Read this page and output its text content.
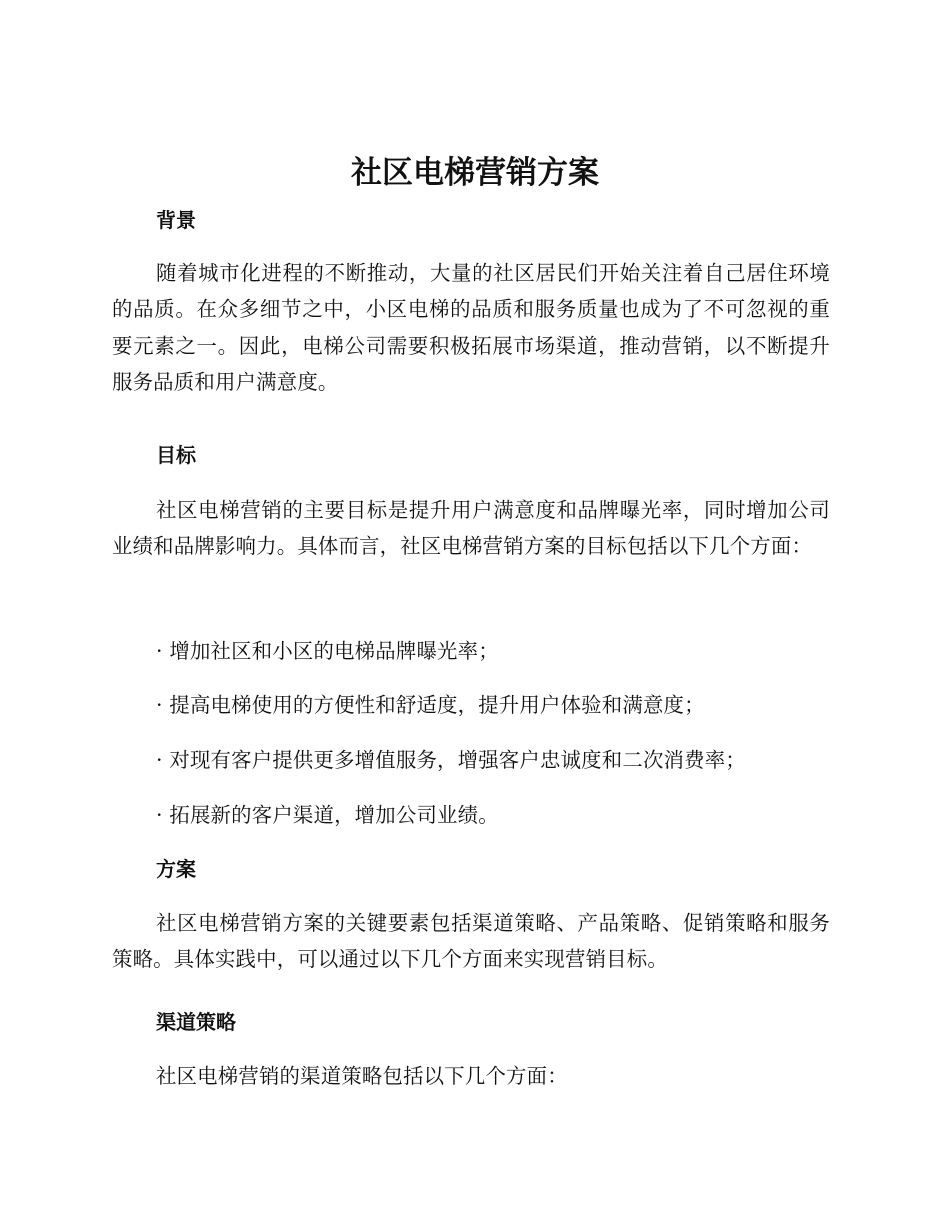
社区电梯营销方案
背景

随着城市化进程的不断推动，大量的社区居民们开始关注着自己居住环境的品质。在众多细节之中，小区电梯的品质和服务质量也成为了不可忽视的重要元素之一。因此，电梯公司需要积极拓展市场渠道，推动营销，以不断提升服务品质和用户满意度。

目标

社区电梯营销的主要目标是提升用户满意度和品牌曝光率，同时增加公司业绩和品牌影响力。具体而言，社区电梯营销方案的目标包括以下几个方面：

· 增加社区和小区的电梯品牌曝光率；

· 提高电梯使用的方便性和舒适度，提升用户体验和满意度；

· 对现有客户提供更多增值服务，增强客户忠诚度和二次消费率；

· 拓展新的客户渠道，增加公司业绩。

方案

社区电梯营销方案的关键要素包括渠道策略、产品策略、促销策略和服务策略。具体实践中，可以通过以下几个方面来实现营销目标。

渠道策略

社区电梯营销的渠道策略包括以下几个方面：
